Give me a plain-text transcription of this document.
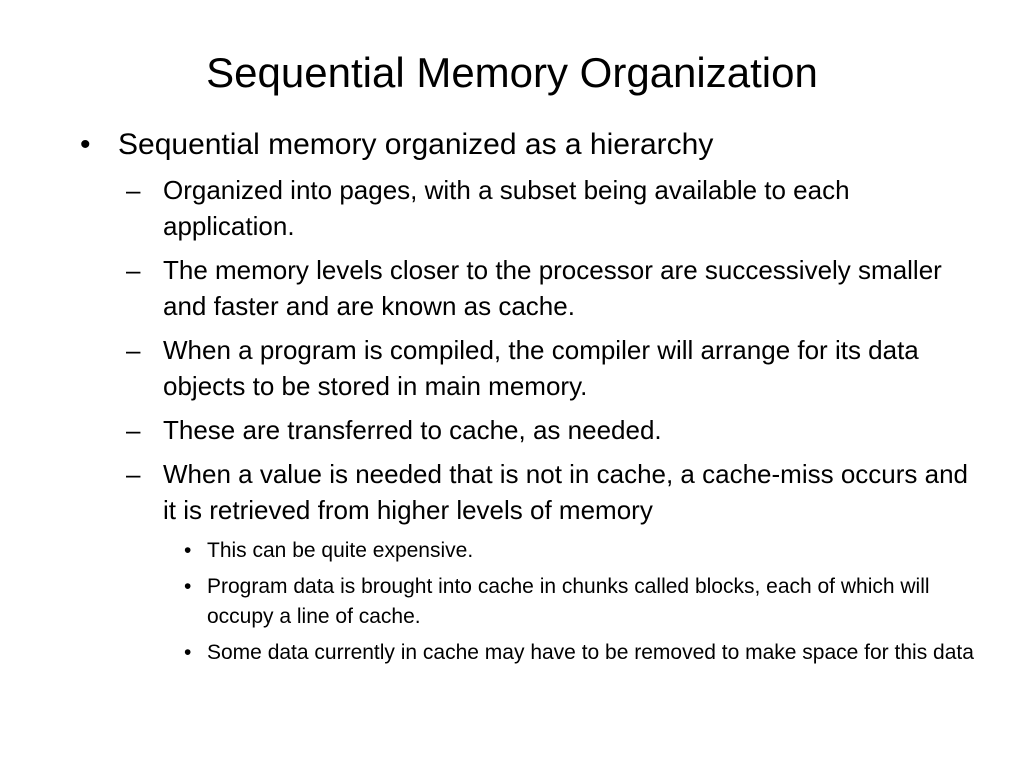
Sequential Memory Organization
• Sequential memory organized as a hierarchy
– Organized into pages, with a subset being available to each application.
– The memory levels closer to the processor are successively smaller and faster and are known as cache.
– When a program is compiled, the compiler will arrange for its data objects to be stored in main memory.
– These are transferred to cache, as needed.
– When a value is needed that is not in cache, a cache-miss occurs and it is retrieved from higher levels of memory
• This can be quite expensive.
• Program data is brought into cache in chunks called blocks, each of which will occupy a line of cache.
• Some data currently in cache may have to be removed to make space for this data
